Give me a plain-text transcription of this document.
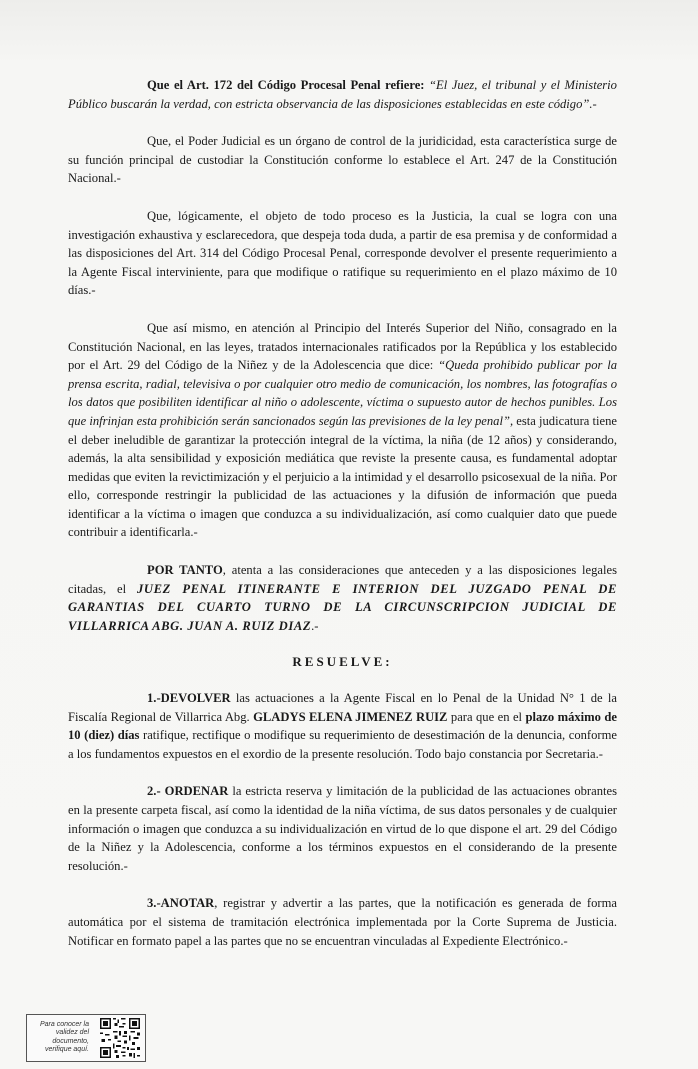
Que el Art. 172 del Código Procesal Penal refiere: “El Juez, el tribunal y el Ministerio Público buscarán la verdad, con estricta observancia de las disposiciones establecidas en este código”.-

Que, el Poder Judicial es un órgano de control de la juridicidad, esta característica surge de su función principal de custodiar la Constitución conforme lo establece el Art. 247 de la Constitución Nacional.-

Que, lógicamente, el objeto de todo proceso es la Justicia, la cual se logra con una investigación exhaustiva y esclarecedora, que despeja toda duda, a partir de esa premisa y de conformidad a las disposiciones del Art. 314 del Código Procesal Penal, corresponde devolver el presente requerimiento a la Agente Fiscal interviniente, para que modifique o ratifique su requerimiento en el plazo máximo de 10 días.-

Que así mismo, en atención al Principio del Interés Superior del Niño, consagrado en la Constitución Nacional, en las leyes, tratados internacionales ratificados por la República y los establecido por el Art. 29 del Código de la Niñez y de la Adolescencia que dice: “Queda prohibido publicar por la prensa escrita, radial, televisiva o por cualquier otro medio de comunicación, los nombres, las fotografías o los datos que posibiliten identificar al niño o adolescente, víctima o supuesto autor de hechos punibles. Los que infrinjan esta prohibición serán sancionados según las previsiones de la ley penal”, esta judicatura tiene el deber ineludible de garantizar la protección integral de la víctima, la niña (de 12 años) y considerando, además, la alta sensibilidad y exposición mediática que reviste la presente causa, es fundamental adoptar medidas que eviten la revictimización y el perjuicio a la intimidad y el desarrollo psicosexual de la niña. Por ello, corresponde restringir la publicidad de las actuaciones y la difusión de información que pueda identificar a la víctima o imagen que conduzca a su individualización, así como cualquier dato que puede contribuir a identificarla.-

POR TANTO, atenta a las consideraciones que anteceden y a las disposiciones legales citadas, el JUEZ PENAL ITINERANTE E INTERION DEL JUZGADO PENAL DE GARANTIAS DEL CUARTO TURNO DE LA CIRCUNSCRIPCION JUDICIAL DE VILLARRICA ABG. JUAN A. RUIZ DIAZ.-

RESUELVE:

1.-DEVOLVER las actuaciones a la Agente Fiscal en lo Penal de la Unidad N° 1 de la Fiscalía Regional de Villarrica Abg. GLADYS ELENA JIMENEZ RUIZ para que en el plazo máximo de 10 (diez) días ratifique, rectifique o modifique su requerimiento de desestimación de la denuncia, conforme a los fundamentos expuestos en el exordio de la presente resolución. Todo bajo constancia por Secretaria.-

2.- ORDENAR la estricta reserva y limitación de la publicidad de las actuaciones obrantes en la presente carpeta fiscal, así como la identidad de la niña víctima, de sus datos personales y de cualquier información o imagen que conduzca a su individualización en virtud de lo que dispone el art. 29 del Código de la Niñez y la Adolescencia, conforme a los términos expuestos en el considerando de la presente resolución.-

3.-ANOTAR, registrar y advertir a las partes, que la notificación es generada de forma automática por el sistema de tramitación electrónica implementada por la Corte Suprema de Justicia. Notificar en formato papel a las partes que no se encuentran vinculadas al Expediente Electrónico.-

Para conocer la validez del documento, verifique aquí.
